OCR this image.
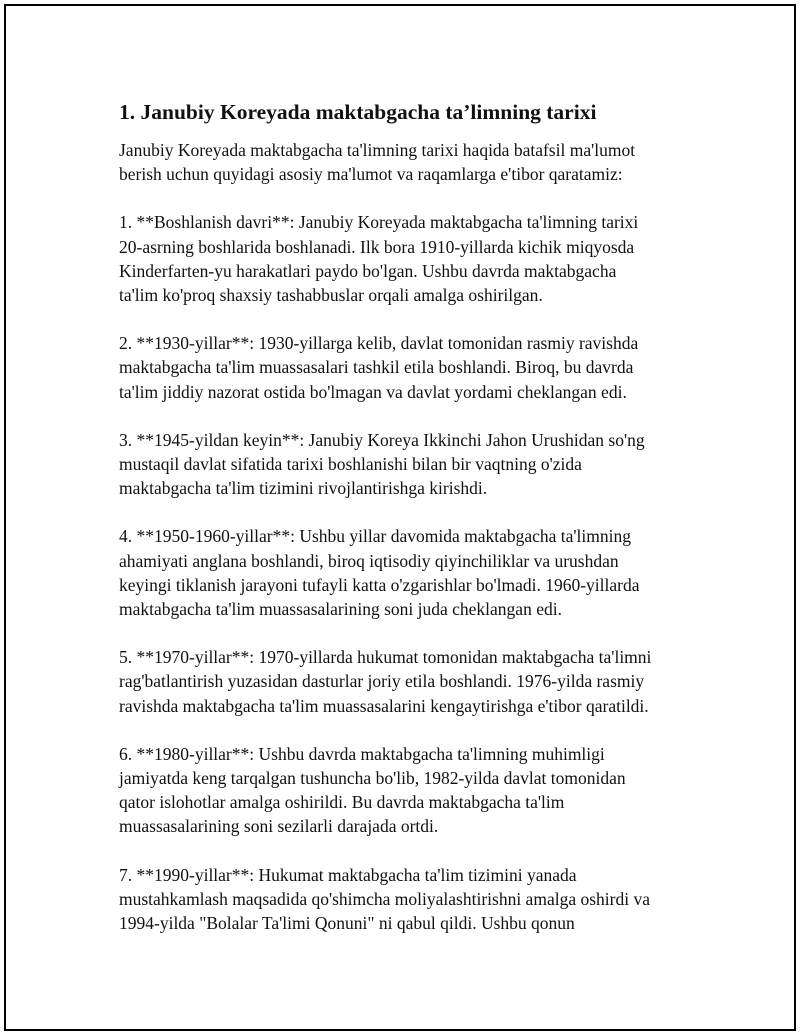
1. Janubiy Koreyada maktabgacha taʼlimning tarixi

Janubiy Koreyada maktabgacha ta'limning tarixi haqida batafsil ma'lumot
berish uchun quyidagi asosiy ma'lumot va raqamlarga e'tibor qaratamiz:

1. **Boshlanish davri**: Janubiy Koreyada maktabgacha ta'limning tarixi
20-asrning boshlarida boshlanadi. Ilk bora 1910-yillarda kichik miqyosda
Kinderfarten-yu harakatlari paydo bo'lgan. Ushbu davrda maktabgacha
ta'lim ko'proq shaxsiy tashabbuslar orqali amalga oshirilgan.

2. **1930-yillar**: 1930-yillarga kelib, davlat tomonidan rasmiy ravishda
maktabgacha ta'lim muassasalari tashkil etila boshlandi. Biroq, bu davrda
ta'lim jiddiy nazorat ostida bo'lmagan va davlat yordami cheklangan edi.

3. **1945-yildan keyin**: Janubiy Koreya Ikkinchi Jahon Urushidan so'ng
mustaqil davlat sifatida tarixi boshlanishi bilan bir vaqtning o'zida
maktabgacha ta'lim tizimini rivojlantirishga kirishdi.

4. **1950-1960-yillar**: Ushbu yillar davomida maktabgacha ta'limning
ahamiyati anglana boshlandi, biroq iqtisodiy qiyinchiliklar va urushdan
keyingi tiklanish jarayoni tufayli katta o'zgarishlar bo'lmadi. 1960-yillarda
maktabgacha ta'lim muassasalarining soni juda cheklangan edi.

5. **1970-yillar**: 1970-yillarda hukumat tomonidan maktabgacha ta'limni
rag'batlantirish yuzasidan dasturlar joriy etila boshlandi. 1976-yilda rasmiy
ravishda maktabgacha ta'lim muassasalarini kengaytirishga e'tibor qaratildi.

6. **1980-yillar**: Ushbu davrda maktabgacha ta'limning muhimligi
jamiyatda keng tarqalgan tushuncha bo'lib, 1982-yilda davlat tomonidan
qator islohotlar amalga oshirildi. Bu davrda maktabgacha ta'lim
muassasalarining soni sezilarli darajada ortdi.

7. **1990-yillar**: Hukumat maktabgacha ta'lim tizimini yanada
mustahkamlash maqsadida qo'shimcha moliyalashtirishni amalga oshirdi va
1994-yilda "Bolalar Ta'limi Qonuni" ni qabul qildi. Ushbu qonun
